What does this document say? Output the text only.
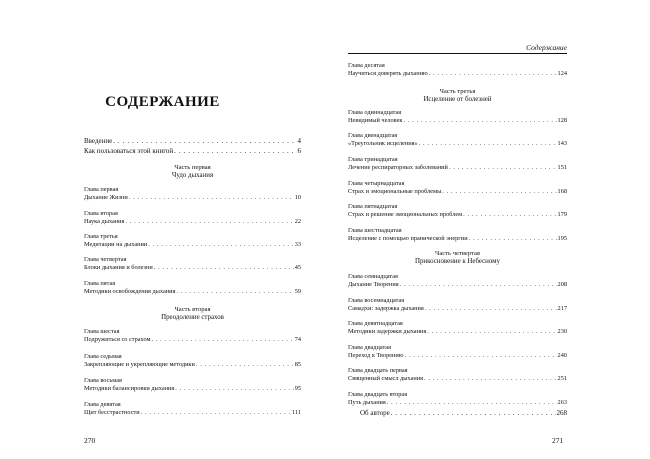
СОДЕРЖАНИЕ
Введение . . .	4
Как пользоваться этой книгой . . .	6
Часть первая
Чудо дыхания
Глава первая
Дыхание Жизни . . .	10
Глава вторая
Наука дыхания . . .	22
Глава третья
Медитации на дыхании . . .	33
Глава четвертая
Блоки дыхания и болезни . . .	45
Глава пятая
Методики освобождения дыхания . . .	59
Часть вторая
Преодоление страхов
Глава шестая
Подружиться со страхом . . .	74
Глава седьмая
Закрепляющие и укрепляющие методики . . .	85
Глава восьмая
Методики балансировки дыхания . . .	95
Глава девятая
Щит бесстрастности . . .	111
270
Содержание
Глава десятая
Научиться доверять дыханию . . .	124
Часть третья
Исцеление от болезней
Глава одиннадцатая
Невидимый человек . . .	128
Глава двенадцатая
«Треугольник исцеления» . . .	143
Глава тринадцатая
Лечение респираторных заболеваний . . .	151
Глава четырнадцатая
Страх и эмоциональные проблемы . . .	168
Глава пятнадцатая
Страх и решение эмоциональных проблем . . .	179
Глава шестнадцатая
Исцеление с помощью пранической энергии . . .	195
Часть четвертая
Прикосновение к Небесному
Глава семнадцатая
Дыхание Творения . . .	208
Глава восемнадцатая
Самадхи: задержка дыхания . . .	217
Глава девятнадцатая
Методики задержки дыхания . . .	230
Глава двадцатая
Переход к Творению . . .	240
Глава двадцать первая
Священный смысл дыхания . . .	251
Глава двадцать вторая
Путь дыхания . . .	263
Об авторе . . .	268
271
